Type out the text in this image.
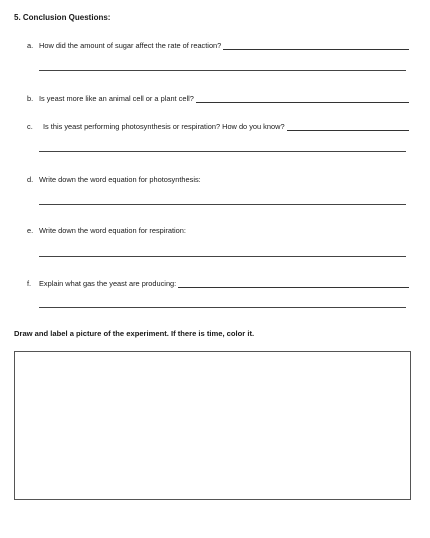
5. Conclusion Questions:
a. How did the amount of sugar affect the rate of reaction?
b. Is yeast more like an animal cell or a plant cell?
c.	Is this yeast performing photosynthesis or respiration? How do you know?
d. Write down the word equation for photosynthesis:
e. Write down the word equation for respiration:
f.	Explain what gas the yeast are producing:
Draw and label a picture of the experiment. If there is time, color it.
